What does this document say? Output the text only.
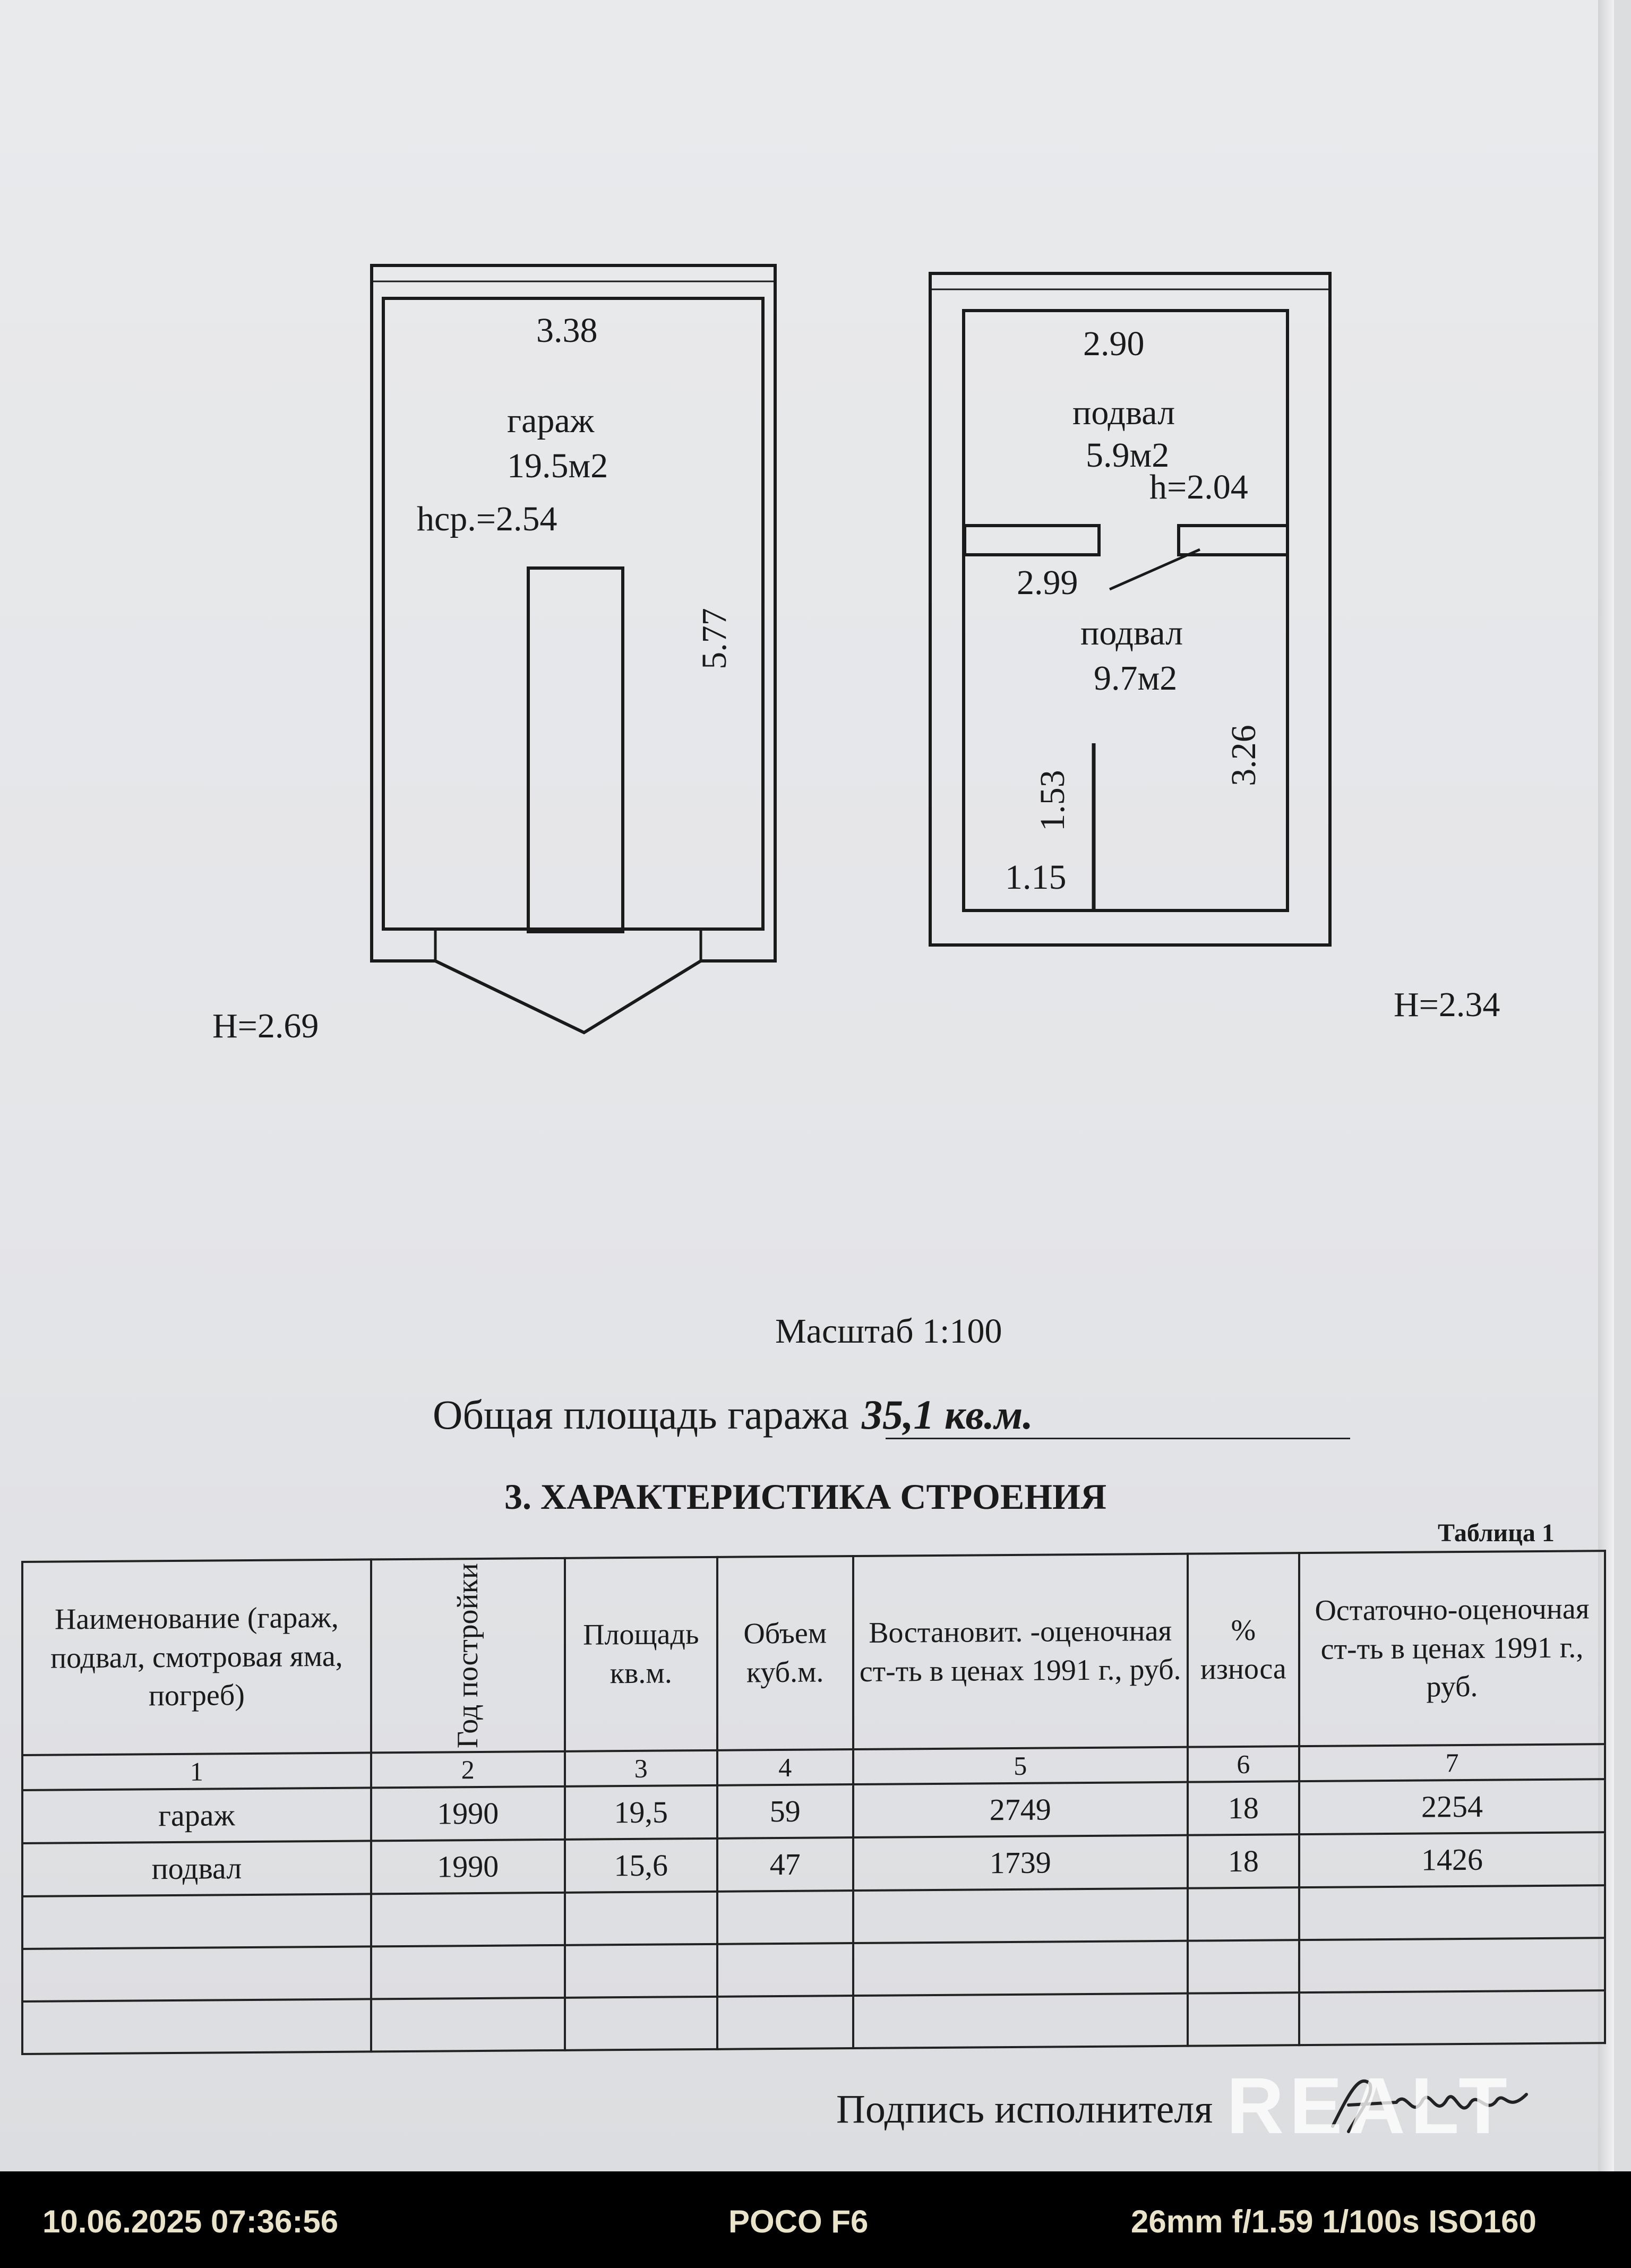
3.38
гараж
19.5м2
hср.=2.54
5.77
H=2.69
2.90
подвал
5.9м2
h=2.04
2.99
подвал
9.7м2
3.26
1.53
1.15
H=2.34
Масштаб 1:100
Общая площадь гаража 35,1 кв.м.
3. ХАРАКТЕРИСТИКА СТРОЕНИЯ
Таблица 1
Наименование (гараж, подвал, смотровая яма, погреб)	Год постройки	Площадь кв.м.	Объем куб.м.	Востановит. -оценочная ст-ть в ценах 1991 г., руб.	% износа	Остаточно-оценочная ст-ть в ценах 1991 г., руб.
1	2	3	4	5	6	7
гараж	1990	19,5	59	2749	18	2254
подвал	1990	15,6	47	1739	18	1426

Подпись исполнителя REALT
10.06.2025 07:36:56	POCO F6	26mm f/1.59 1/100s ISO160
